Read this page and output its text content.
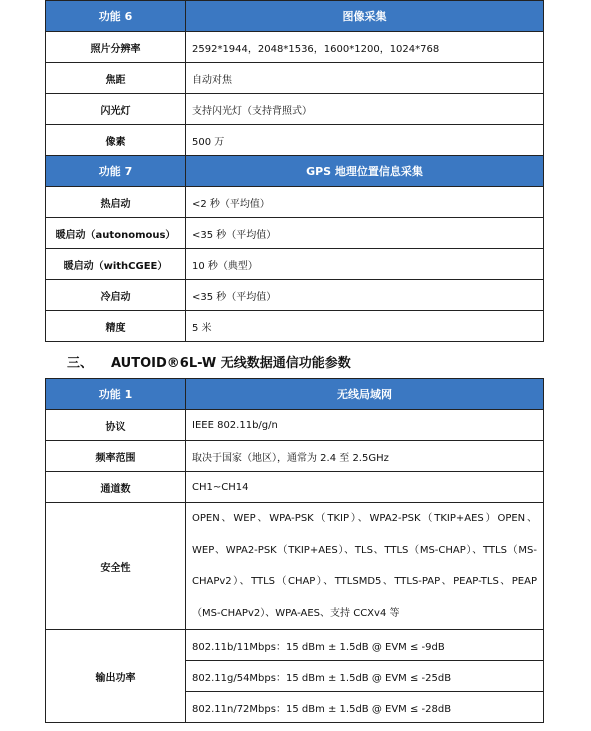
功能 6	图像采集
照片分辨率	2592*1944，2048*1536，1600*1200，1024*768
焦距	自动对焦
闪光灯	支持闪光灯（支持背照式）
像素	500 万
功能 7	GPS 地理位置信息采集
热启动	<2 秒（平均值）
暖启动（autonomous）	<35 秒（平均值）
暖启动（withCGEE）	10 秒（典型）
冷启动	<35 秒（平均值）
精度	5 米
三、 AUTOID®6L-W 无线数据通信功能参数
功能 1	无线局域网
协议	IEEE 802.11b/g/n
频率范围	取决于国家（地区），通常为 2.4 至 2.5GHz
通道数	CH1~CH14
安全性	OPEN、WEP、WPA-PSK（TKIP）、WPA2-PSK（TKIP+AES）OPEN、WEP、WPA2-PSK（TKIP+AES）、TLS、TTLS（MS-CHAP）、TTLS（MS-CHAPv2）、TTLS（CHAP）、TTLSMD5、TTLS-PAP、PEAP-TLS、PEAP（MS-CHAPv2）、WPA-AES、支持 CCXv4 等
输出功率	802.11b/11Mbps：15 dBm ± 1.5dB @ EVM ≤ -9dB
	802.11g/54Mbps：15 dBm ± 1.5dB @ EVM ≤ -25dB
	802.11n/72Mbps：15 dBm ± 1.5dB @ EVM ≤ -28dB
